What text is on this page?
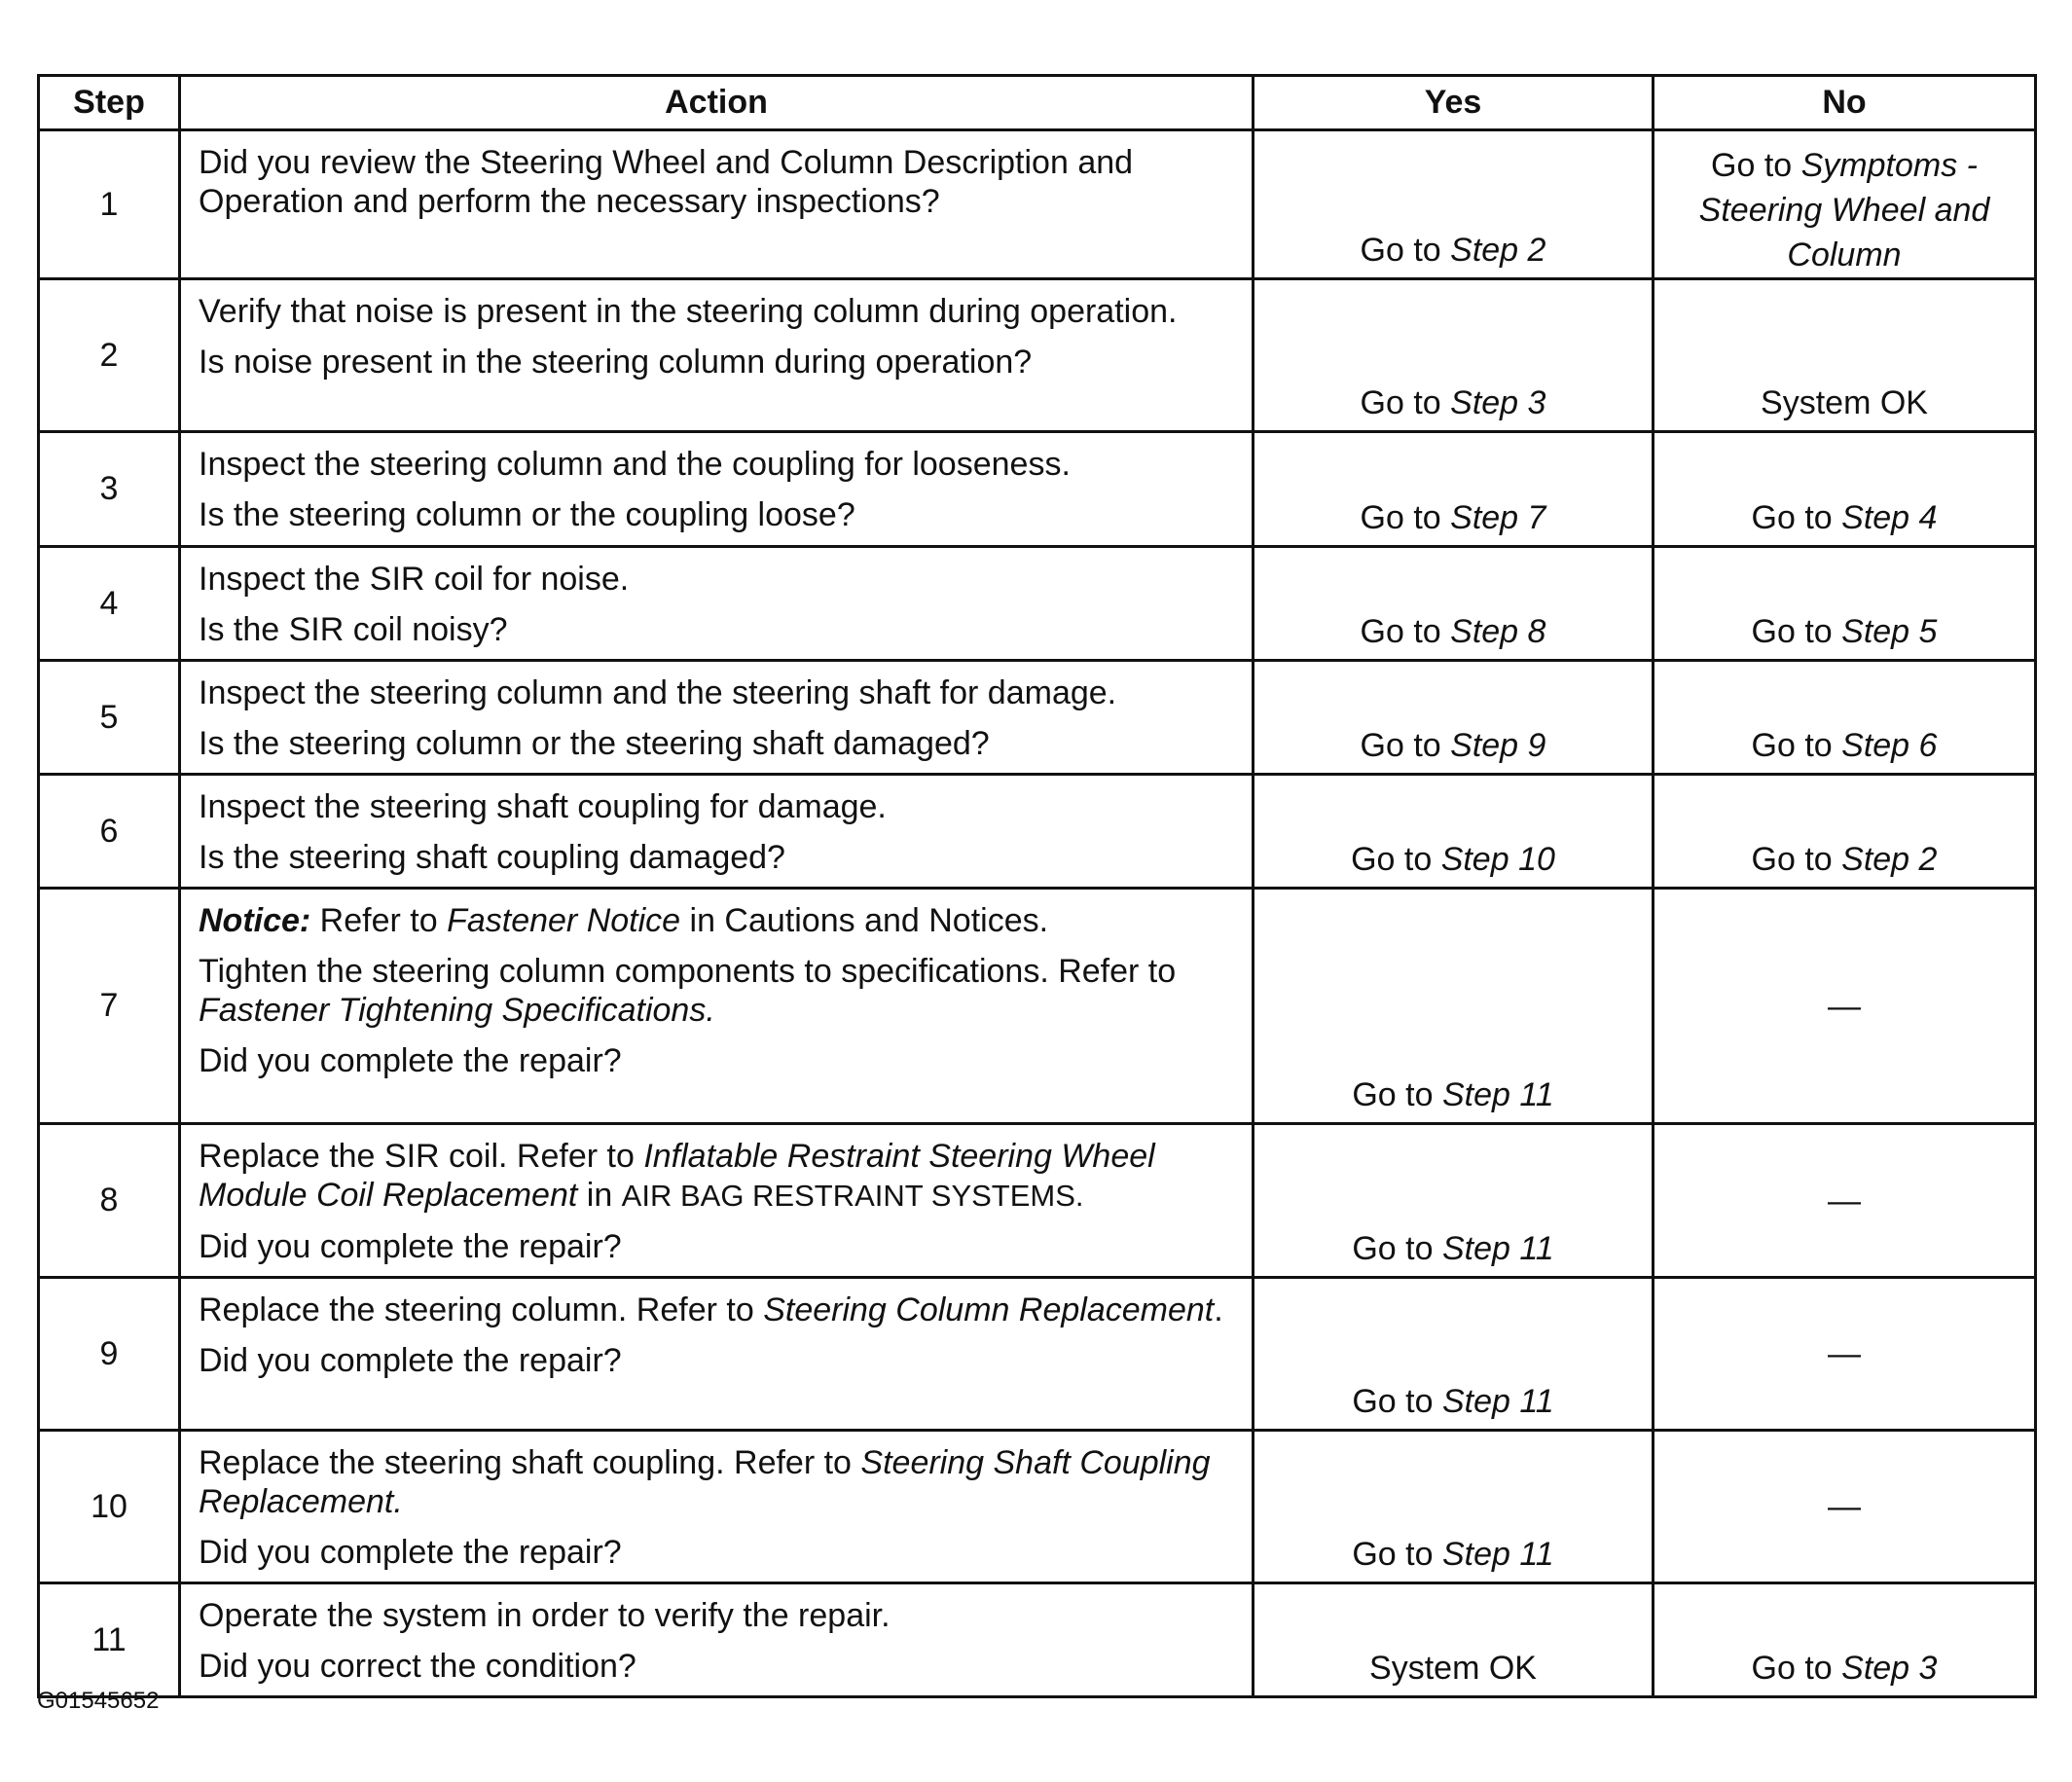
Step	Action	Yes	No
1	Did you review the Steering Wheel and Column Description and Operation and perform the necessary inspections?	Go to Step 2	Go to Symptoms - Steering Wheel and Column
2	Verify that noise is present in the steering column during operation.
Is noise present in the steering column during operation?	Go to Step 3	System OK
3	Inspect the steering column and the coupling for looseness.
Is the steering column or the coupling loose?	Go to Step 7	Go to Step 4
4	Inspect the SIR coil for noise.
Is the SIR coil noisy?	Go to Step 8	Go to Step 5
5	Inspect the steering column and the steering shaft for damage.
Is the steering column or the steering shaft damaged?	Go to Step 9	Go to Step 6
6	Inspect the steering shaft coupling for damage.
Is the steering shaft coupling damaged?	Go to Step 10	Go to Step 2
7	Notice: Refer to Fastener Notice in Cautions and Notices.
Tighten the steering column components to specifications. Refer to Fastener Tightening Specifications.
Did you complete the repair?	Go to Step 11	—
8	Replace the SIR coil. Refer to Inflatable Restraint Steering Wheel Module Coil Replacement in AIR BAG RESTRAINT SYSTEMS.
Did you complete the repair?	Go to Step 11	—
9	Replace the steering column. Refer to Steering Column Replacement.
Did you complete the repair?	Go to Step 11	—
10	Replace the steering shaft coupling. Refer to Steering Shaft Coupling Replacement.
Did you complete the repair?	Go to Step 11	—
11	Operate the system in order to verify the repair.
Did you correct the condition?	System OK	Go to Step 3
G01545652
